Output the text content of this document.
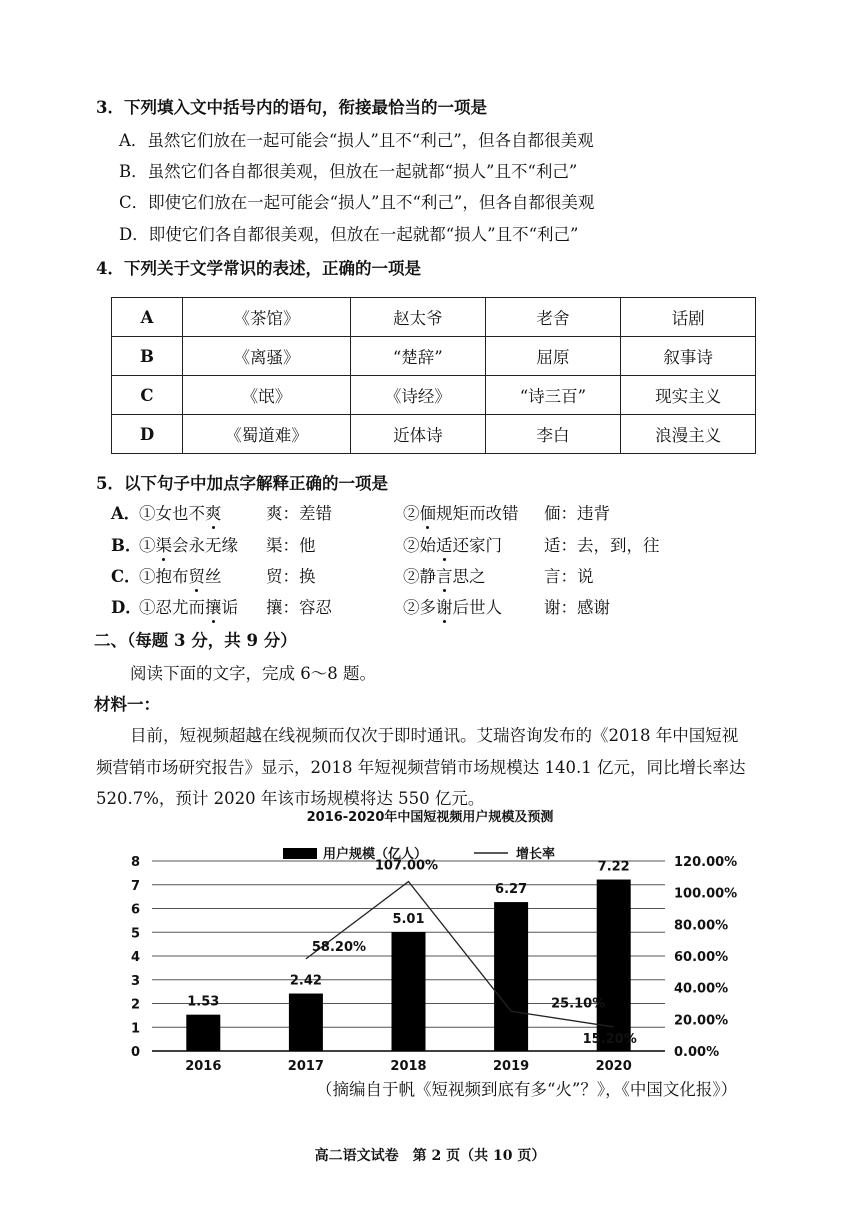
3．下列填入文中括号内的语句，衔接最恰当的一项是
A．虽然它们放在一起可能会“损人”且不“利己”，但各自都很美观
B．虽然它们各自都很美观，但放在一起就都“损人”且不“利己”
C．即使它们放在一起可能会“损人”且不“利己”，但各自都很美观
D．即使它们各自都很美观，但放在一起就都“损人”且不“利己”
4．下列关于文学常识的表述，正确的一项是
A	《茶馆》	赵太爷	老舍	话剧
B	《离骚》	“楚辞”	屈原	叙事诗
C	《氓》	《诗经》	“诗三百”	现实主义
D	《蜀道难》	近体诗	李白	浪漫主义
5．以下句子中加点字解释正确的一项是
A．
①女也不爽	爽：差错	②偭规矩而改错 偭：违背
B．
①渠会永无缘 渠：他	②始适还家门	适：去，到，往
C．
①抱布贸丝	贸：换	②静言思之	言：说
D．
①忍尤而攘诟 攘：容忍	②多谢后世人	谢：感谢
二、（每题 3 分，共 9 分）
阅读下面的文字，完成 6～8 题。
材料一：
目前，短视频超越在线视频而仅次于即时通讯。艾瑞咨询发布的《2018 年中国短视
频营销市场研究报告》显示，2018 年短视频营销市场规模达 140.1 亿元，同比增长率达
520.7%，预计 2020 年该市场规模将达 550 亿元。
2016-2020年中国短视频用户规模及预测
0
1
2
3
4
5
6
7
8
0.00%
20.00%
40.00%
60.00%
80.00%
100.00%
120.00%
1.53
2016
2.42
2017
5.01
2018
6.27
2019
7.22
2020
58.20%
107.00%
25.10%
15.20%
用户规模（亿人）	增长率
（摘编自于帆《短视频到底有多“火”？》，《中国文化报》）
高二语文试卷　第 2 页（共 10 页）
